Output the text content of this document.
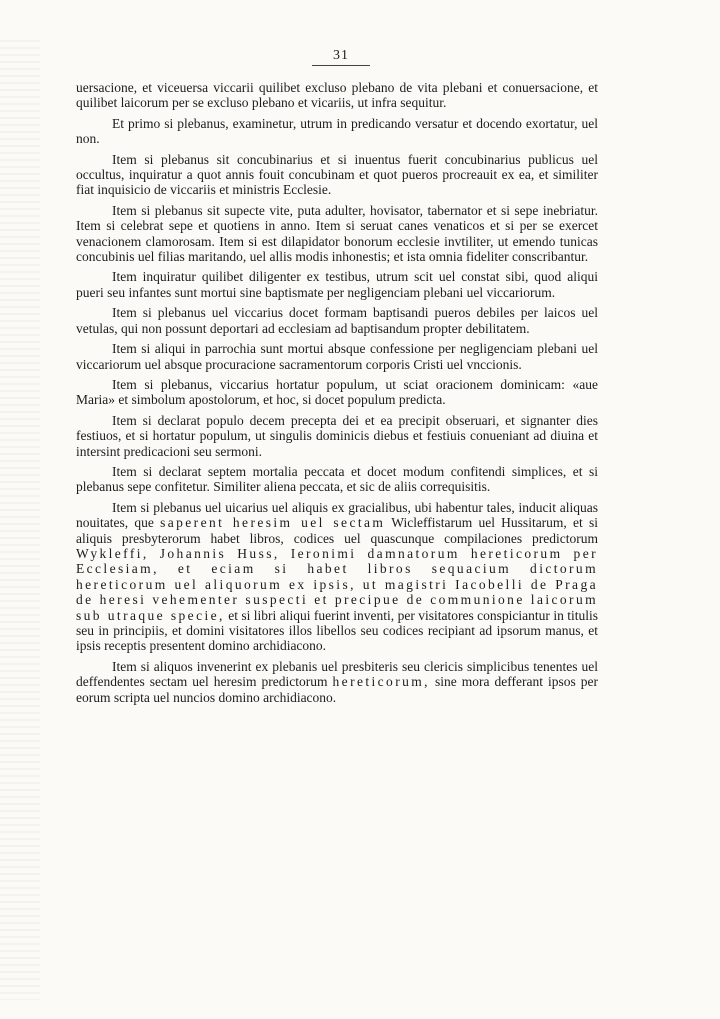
31

uersacione, et viceuersa viccarii quilibet excluso plebano de vita plebani et conuersacione, et quilibet laicorum per se excluso plebano et vicariis, ut infra sequitur.

Et primo si plebanus, examinetur, utrum in predicando versatur et docendo exortatur, uel non.

Item si plebanus sit concubinarius et si inuentus fuerit concubinarius publicus uel occultus, inquiratur a quot annis fouit concubinam et quot pueros procreauit ex ea, et similiter fiat inquisicio de viccariis et ministris Ecclesie.

Item si plebanus sit supecte vite, puta adulter, hovisator, tabernator et si sepe inebriatur. Item si celebrat sepe et quotiens in anno. Item si seruat canes venaticos et si per se exercet venacionem clamorosam. Item si est dilapidator bonorum ecclesie invtiliter, ut emendo tunicas concubinis uel filias maritando, uel allis modis inhonestis; et ista omnia fideliter conscribantur.

Item inquiratur quilibet diligenter ex testibus, utrum scit uel constat sibi, quod aliqui pueri seu infantes sunt mortui sine baptismate per negligenciam plebani uel viccariorum.

Item si plebanus uel viccarius docet formam baptisandi pueros debiles per laicos uel vetulas, qui non possunt deportari ad ecclesiam ad baptisandum propter debilitatem.

Item si aliqui in parrochia sunt mortui absque confessione per negligenciam plebani uel viccariorum uel absque procuracione sacramentorum corporis Cristi uel vnccionis.

Item si plebanus, viccarius hortatur populum, ut sciat oracionem dominicam: «aue Maria» et simbolum apostolorum, et hoc, si docet populum predicta.

Item si declarat populo decem precepta dei et ea precipit obseruari, et signanter dies festiuos, et si hortatur populum, ut singulis dominicis diebus et festiuis conueniant ad diuina et intersint predicacioni seu sermoni.

Item si declarat septem mortalia peccata et docet modum confitendi simplices, et si plebanus sepe confitetur. Similiter aliena peccata, et sic de aliis correquisitis.

Item si plebanus uel uicarius uel aliquis ex gracialibus, ubi habentur tales, inducit aliquas nouitates, que saperent heresim uel sectam Wicleffistarum uel Hussitarum, et si aliquis presbyterorum habet libros, codices uel quascunque compilaciones predictorum Wykleffi, Johannis Huss, Ieronimi damnatorum hereticorum per Ecclesiam, et eciam si habet libros sequacium dictorum hereticorum uel aliquorum ex ipsis, ut magistri Iacobelli de Praga de heresi vehementer suspecti et precipue de communione laicorum sub utraque specie, et si libri aliqui fuerint inventi, per visitatores conspiciantur in titulis seu in principiis, et domini visitatores illos libellos seu codices recipiant ad ipsorum manus, et ipsis receptis presentent domino archidiacono.

Item si aliquos invenerint ex plebanis uel presbiteris seu clericis simplicibus tenentes uel deffendentes sectam uel heresim predictorum hereticorum, sine mora defferant ipsos per eorum scripta uel nuncios domino archidiacono.
